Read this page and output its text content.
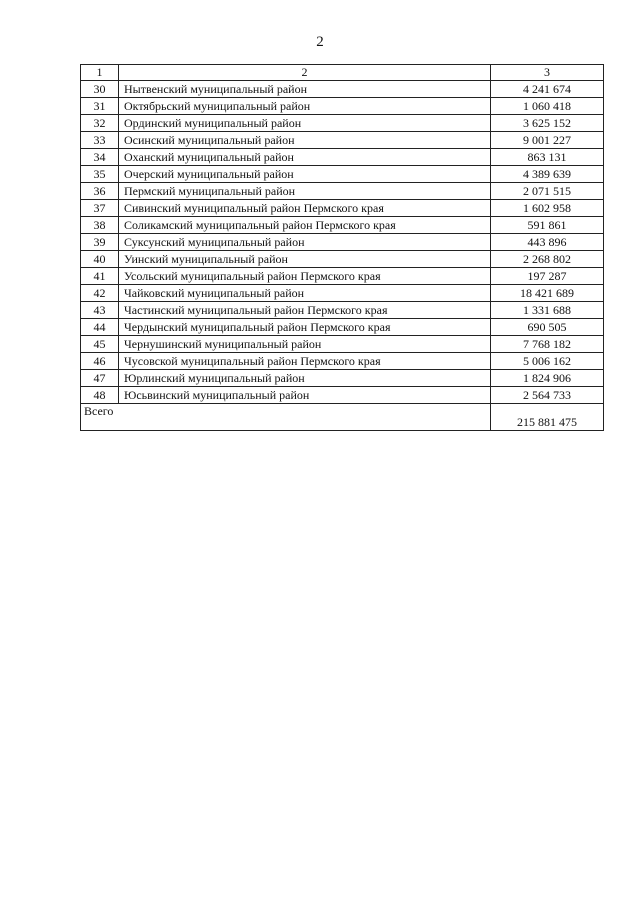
2
1	2	3
30	Нытвенский муниципальный район	4 241 674
31	Октябрьский муниципальный район	1 060 418
32	Ординский муниципальный район	3 625 152
33	Осинский муниципальный район	9 001 227
34	Оханский муниципальный район	863 131
35	Очерский муниципальный район	4 389 639
36	Пермский муниципальный район	2 071 515
37	Сивинский муниципальный район Пермского края	1 602 958
38	Соликамский муниципальный район Пермского края	591 861
39	Суксунский муниципальный район	443 896
40	Уинский муниципальный район	2 268 802
41	Усольский муниципальный район Пермского края	197 287
42	Чайковский муниципальный район	18 421 689
43	Частинский муниципальный район Пермского края	1 331 688
44	Чердынский муниципальный район Пермского края	690 505
45	Чернушинский муниципальный район	7 768 182
46	Чусовской муниципальный район Пермского края	5 006 162
47	Юрлинский муниципальный район	1 824 906
48	Юсьвинский муниципальный район	2 564 733
Всего		215 881 475
